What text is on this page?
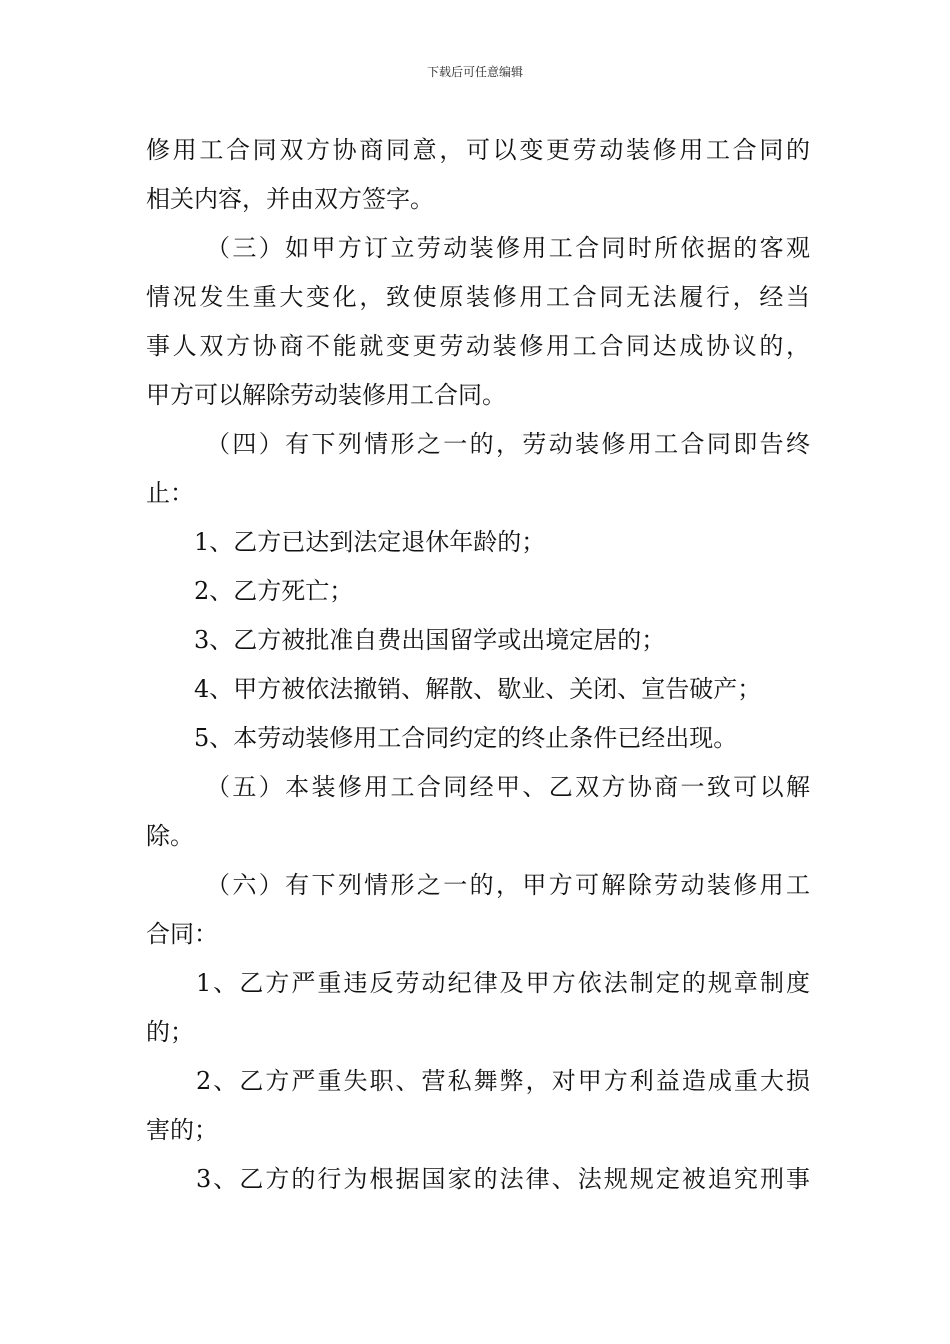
下载后可任意编辑
修用工合同双方协商同意，可以变更劳动装修用工合同的
相关内容，并由双方签字。
（三）如甲方订立劳动装修用工合同时所依据的客观
情况发生重大变化，致使原装修用工合同无法履行，经当
事人双方协商不能就变更劳动装修用工合同达成协议的，
甲方可以解除劳动装修用工合同。
（四）有下列情形之一的，劳动装修用工合同即告终
止：
1、乙方已达到法定退休年龄的；
2、乙方死亡；
3、乙方被批准自费出国留学或出境定居的；
4、甲方被依法撤销、解散、歇业、关闭、宣告破产；
5、本劳动装修用工合同约定的终止条件已经出现。
（五）本装修用工合同经甲、乙双方协商一致可以解
除。
（六）有下列情形之一的，甲方可解除劳动装修用工
合同：
1、乙方严重违反劳动纪律及甲方依法制定的规章制度
的；
2、乙方严重失职、营私舞弊，对甲方利益造成重大损
害的；
3、乙方的行为根据国家的法律、法规规定被追究刑事
